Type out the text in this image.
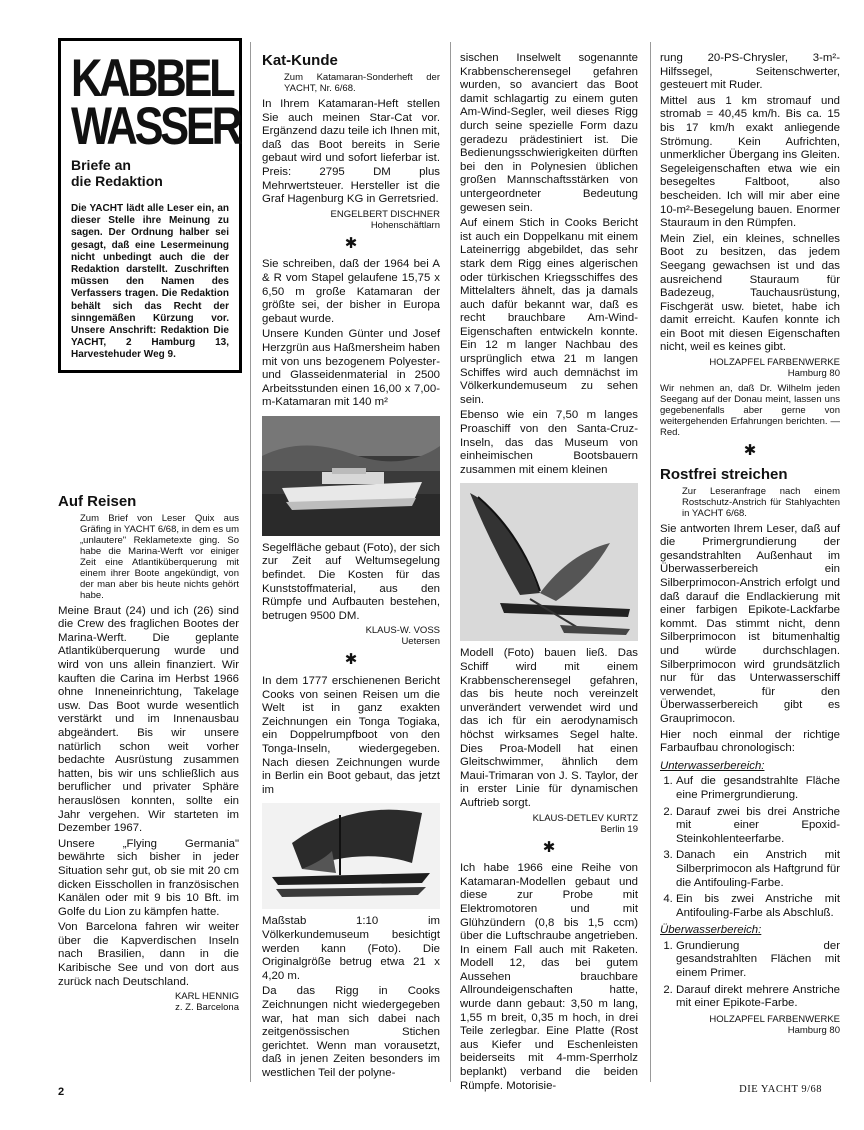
KABBEL
WASSER
Briefe an
die Redaktion
Die YACHT lädt alle Leser ein, an dieser Stelle ihre Meinung zu sagen. Der Ordnung halber sei gesagt, daß eine Lesermeinung nicht unbedingt auch die der Redaktion darstellt. Zuschriften müssen den Namen des Verfassers tragen. Die Redaktion behält sich das Recht der sinngemäßen Kürzung vor. Unsere Anschrift: Redaktion Die YACHT, 2 Hamburg 13, Harvestehuder Weg 9.
Auf Reisen
Zum Brief von Leser Quix aus Gräfing in YACHT 6/68, in dem es um „unlautere" Reklametexte ging. So habe die Marina-Werft vor einiger Zeit eine Atlantiküberquerung mit einem ihrer Boote angekündigt, von der man aber bis heute nichts gehört habe.

Meine Braut (24) und ich (26) sind die Crew des fraglichen Bootes der Marina-Werft. Die geplante Atlantiküberquerung wurde und wird von uns allein finanziert. Wir kauften die Carina im Herbst 1966 ohne Inneneinrichtung, Takelage usw. Das Boot wurde wesentlich verstärkt und im Innenausbau abgeändert. Bis wir unsere natürlich schon weit vorher bedachte Ausrüstung zusammen hatten, bis wir uns schließlich aus beruflicher und privater Sphäre herauslösen konnten, sollte ein Jahr vergehen. Wir starteten im Dezember 1967.

Unsere „Flying Germania" bewährte sich bisher in jeder Situation sehr gut, ob sie mit 20 cm dicken Eisschollen in französischen Kanälen oder mit 9 bis 10 Bft. im Golfe du Lion zu kämpfen hatte.

Von Barcelona fahren wir weiter über die Kapverdischen Inseln nach Brasilien, dann in die Karibische See und von dort aus zurück nach Deutschland.

KARL HENNIG
z. Z. Barcelona
Kat-Kunde
Zum Katamaran-Sonderheft der YACHT, Nr. 6/68.

In Ihrem Katamaran-Heft stellen Sie auch meinen Star-Cat vor. Ergänzend dazu teile ich Ihnen mit, daß das Boot bereits in Serie gebaut wird und sofort lieferbar ist. Preis: 2795 DM plus Mehrwertsteuer. Hersteller ist die Graf Hagenburg KG in Gerretsried.

ENGELBERT DISCHNER
Hohenschäftlarn
✱

Sie schreiben, daß der 1964 bei A & R vom Stapel gelaufene 15,75 x 6,50 m große Katamaran der größte sei, der bisher in Europa gebaut wurde.

Unsere Kunden Günter und Josef Herzgrün aus Haßmersheim haben mit von uns bezogenem Polyester- und Glasseidenmaterial in 2500 Arbeitsstunden einen 16,00 x 7,00-m-Katamaran mit 140 m²

Segelfläche gebaut (Foto), der sich zur Zeit auf Weltumsegelung befindet. Die Kosten für das Kunststoffmaterial, aus den Rümpfe und Aufbauten bestehen, betrugen 9500 DM.

KLAUS-W. VOSS
Uetersen
✱

In dem 1777 erschienenen Bericht Cooks von seinen Reisen um die Welt ist in ganz exakten Zeichnungen ein Tonga Togiaka, ein Doppelrumpfboot von den Tonga-Inseln, wiedergegeben. Nach diesen Zeichnungen wurde in Berlin ein Boot gebaut, das jetzt im

Maßstab 1:10 im Völkerkundemuseum besichtigt werden kann (Foto). Die Originalgröße betrug etwa 21 x 4,20 m.

Da das Rigg in Cooks Zeichnungen nicht wiedergegeben war, hat man sich dabei nach zeitgenössischen Stichen gerichtet. Wenn man vorausetzt, daß in jenen Zeiten besonders im westlichen Teil der polyne-

sischen Inselwelt sogenannte Krabbenscherensegel gefahren wurden, so avanciert das Boot damit schlagartig zu einem guten Am-Wind-Segler, weil dieses Rigg durch seine spezielle Form dazu geradezu prädestiniert ist. Die Bedienungsschwierigkeiten dürften bei den in Polynesien üblichen großen Mannschaftsstärken von untergeordneter Bedeutung gewesen sein.

Auf einem Stich in Cooks Bericht ist auch ein Doppelkanu mit einem Lateinerrigg abgebildet, das sehr stark dem Rigg eines algerischen oder türkischen Kriegsschiffes des Mittelalters ähnelt, das ja damals auch dafür bekannt war, daß es recht brauchbare Am-Wind-Eigenschaften entwickeln konnte. Ein 12 m langer Nachbau des ursprünglich etwa 21 m langen Schiffes wird auch demnächst im Völkerkundemuseum zu sehen sein.

Ebenso wie ein 7,50 m langes Proaschiff von den Santa-Cruz-Inseln, das das Museum von einheimischen Bootsbauern zusammen mit einem kleinen

Modell (Foto) bauen ließ. Das Schiff wird mit einem Krabbenscherensegel gefahren, das bis heute noch vereinzelt unverändert verwendet wird und das ich für ein aerodynamisch höchst wirksames Segel halte. Dies Proa-Modell hat einen Gleitschwimmer, ähnlich dem Maui-Trimaran von J. S. Taylor, der in erster Linie für dynamischen Auftrieb sorgt.

KLAUS-DETLEV KURTZ
Berlin 19
✱

Ich habe 1966 eine Reihe von Katamaran-Modellen gebaut und diese zur Probe mit Elektromotoren und mit Glühzündern (0,8 bis 1,5 ccm) über die Luftschraube angetrieben. In einem Fall auch mit Raketen. Modell 12, das bei gutem Aussehen brauchbare Allroundeigenschaften hatte, wurde dann gebaut: 3,50 m lang, 1,55 m breit, 0,35 m hoch, in drei Teile zerlegbar. Eine Platte (Rost aus Kiefer und Eschenleisten beiderseits mit 4-mm-Sperrholz beplankt) verband die beiden Rümpfe. Motorisie-

rung 20-PS-Chrysler, 3-m²-Hilfssegel, Seitenschwerter, gesteuert mit Ruder.

Mittel aus 1 km stromauf und stromab = 40,45 km/h. Bis ca. 15 bis 17 km/h exakt anliegende Strömung. Kein Aufrichten, unmerklicher Übergang ins Gleiten. Segeleigenschaften etwa wie ein besegeltes Faltboot, also bescheiden. Ich will mir aber eine 10-m²-Besegelung bauen. Enormer Stauraum in den Rümpfen.

Mein Ziel, ein kleines, schnelles Boot zu besitzen, das jedem Seegang gewachsen ist und das ausreichend Stauraum für Badezeug, Tauchausrüstung, Fischgerät usw. bietet, habe ich damit erreicht. Kaufen konnte ich ein Boot mit diesen Eigenschaften nicht, weil es keines gibt.

HOLZAPFEL FARBENWERKE
Hamburg 80
Wir nehmen an, daß Dr. Wilhelm jeden Seegang auf der Donau meint, lassen uns gegebenenfalls aber gerne von weitergehenden Erfahrungen berichten. — Red.
✱
Rostfrei streichen
Zur Leseranfrage nach einem Rostschutz-Anstrich für Stahlyachten in YACHT 6/68.

Sie antworten Ihrem Leser, daß auf die Primergrundierung der gesandstrahlten Außenhaut im Überwasserbereich ein Silberprimocon-Anstrich erfolgt und daß darauf die Endlackierung mit einer farbigen Epikote-Lackfarbe kommt. Das stimmt nicht, denn Silberprimocon ist bitumenhaltig und würde durchschlagen. Silberprimocon wird grundsätzlich nur für das Unterwasserschiff verwendet, für den Überwasserbereich gibt es Grauprimocon.

Hier noch einmal der richtige Farbaufbau chronologisch:

Unterwasserbereich:
1. Auf die gesandstrahlte Fläche eine Primergrundierung.
2. Darauf zwei bis drei Anstriche mit einer Epoxid-Steinkohlenteerfarbe.
3. Danach ein Anstrich mit Silberprimocon als Haftgrund für die Antifouling-Farbe.
4. Ein bis zwei Anstriche mit Antifouling-Farbe als Abschluß.
Überwasserbereich:
1. Grundierung der gesandstrahlten Flächen mit einem Primer.
2. Darauf direkt mehrere Anstriche mit einer Epikote-Farbe.
HOLZAPFEL FARBENWERKE
Hamburg 80
2	DIE YACHT 9/68
